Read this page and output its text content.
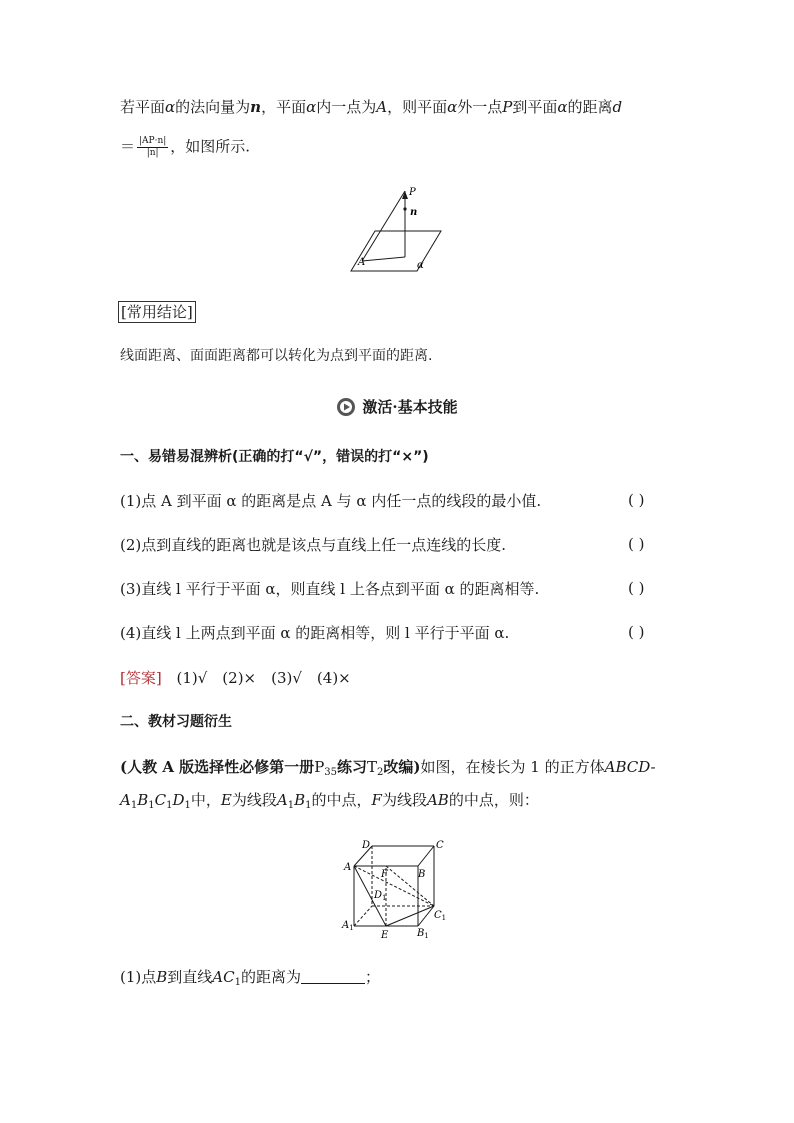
若平面α的法向量为n，平面α内一点为A，则平面α外一点P到平面α的距离d
＝ $\frac{|AP\cdot n|}{|n|}$ ，如图所示.
P
n
A	α
[常用结论]
线面距离、面面距离都可以转化为点到平面的距离.
激活·基本技能
一、易错易混辨析(正确的打“√”，错误的打“×”)
(1)点 A 到平面 α 的距离是点 A 与 α 内任一点的线段的最小值.	( )
(2)点到直线的距离也就是该点与直线上任一点连线的长度.	( )
(3)直线 l 平行于平面 α，则直线 l 上各点到平面 α 的距离相等.	( )
(4)直线 l 上两点到平面 α 的距离相等，则 l 平行于平面 α.	( )
[答案] (1)√　(2)×　(3)√　(4)×
二、教材习题衍生
(人教 A 版选择性必修第一册$P_{35}$练习$T_2$改编)如图，在棱长为 1 的正方体ABCD-
$A_1B_1C_1D_1$中，E为线段$A_1B_1$的中点，F为线段AB的中点，则：
D	C
A
F	B
$D_1$
$C_1$
$A_1$
E	$B_1$
(1)点B到直线$AC_1$的距离为	；
